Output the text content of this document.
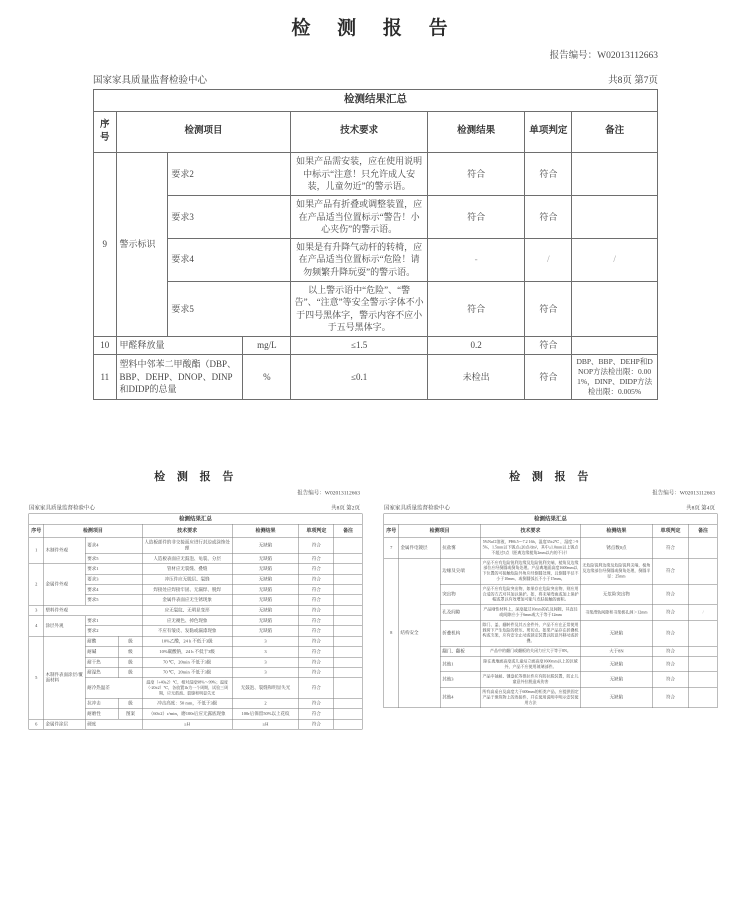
检 测 报 告
报告编号：W02013112663
国家家具质量监督检验中心	共8页 第7页
检测结果汇总							
序号	检测项目			技术要求	检测结果	单项判定	备注
9	警示标识	要求2		如果产品需安装，应在使用说明中标示“注意！只允许成人安装，儿童勿近”的警示语。	符合	符合	
		要求3		如果产品有折叠或调整装置，应在产品适当位置标示“警告！小心夹伤”的警示语。	符合	符合	
		要求4		如果是有升降气动杆的转椅，应在产品适当位置标示“危险！请勿频繁升降玩耍”的警示语。	-	/	/
		要求5		以上警示语中“危险”、“警告”、“注意”等安全警示字体不小于四号黑体字，警示内容不应小于五号黑体字。	符合	符合	
10	甲醛释放量		mg/L	≤1.5	0.2	符合	
11	塑料中邻苯二甲酸酯（DBP、BBP、DEHP、DNOP、DINP和DIDP的总量		%	≤0.1	未检出	符合	DBP、BBP、DEHP和DNOP方法检出限：0.001%，DINP、DIDP方法检出限：0.005%
检 测 报 告
报告编号：W02013112663
国家家具质量监督检验中心	共8页 第2页
检测结果汇总							
序号	检测项目			技术要求	检测结果	单项判定	备注
1	木制件外观	要求4		人造板部件的非交接面应进行封边或涂饰处理	无缺陷	符合	
		要求5		人造板表面应无鼓泡、龟裂、分层	无缺陷	符合	
2	金属件外观	要求1		管材应无裂缝、叠缝	无缺陷	符合	
		要求3		冲压件应无脱层、裂缝	无缺陷	符合	
		要求4		焊接处应焊接牢固、无漏焊、脱焊	无缺陷	符合	
		要求5		金属件表面应无生锈现象	无缺陷	符合	
3	塑料件外观			应无裂纹、无明显变形	无缺陷	符合	
4	涂层外观	要求1		应无褪色、掉色现象	无缺陷	符合	
		要求2		不应有皱皮、发黏或漏漆现象	无缺陷	符合	
5	木制件表面涂层/覆面材料	耐酸	级	10%乙酸，24 h 不低于3级	3	符合	
		耐碱	级	10%碳酸钠，24 h 不低于3级	3	符合	
		耐干热	级	70 ℃，20min 不低于3级	3	符合	
		耐湿热	级	70 ℃，20min 不低于3级	3	符合	
		耐冷热温差		温度（+40±2）℃，相对湿度98%～99%；温度（-20±2）℃，各放置1h为一个周期，试验三周期，应无鼓泡、裂缝和明显失光	无鼓泡、裂缝和明显失光	符合	
		抗冲击	级	冲击高度：50 mm，不低于3级	2	符合	
		耐磨性	图案	（60±2）r/min，磨100r后应无露底现象	100r后保留50%以上花纹	符合	
6	金属件涂层	硬度		≥H	≥H	符合	
检 测 报 告
报告编号：W02013112663
国家家具质量监督检验中心	共8页 第4页
检测结果汇总						
序号	检测项目		技术要求	检测结果	单项判定	备注
7	金属件电镀层	抗盐雾	5%NaCl溶液，PH6.5～7.2 16h，温度35±2℃ ，湿度＞95%，1.5mm以下锈点≤20点/dm²，其中≥1.0mm以上锈点不超过5点（距离边缘棱角2mm以内的不计）	锈点数0点	符合	
8	结构安全	边缘及尖端	产品不应有危险锐利边缘及危险锐利尖端，棱角及边缘部位应经倒圆或倒角处理。产品离地面高度1600mm以下位置的可接触危险外角应经倒圆处理，且倒圆半径不小于10mm，或倒圆弧长不小于15mm。	无危险锐利边缘及危险锐利尖端，棱角及边缘部位经倒圆或倒角处理，倒圆半径：25mm	符合	
		突出物	产品不应有危险突出物，如果存在危险突出物，则应用合适的方式对其加以保护。如，将末端弯曲或加上保护帽或罩以有效增加可能与皮肤接触的面积。	无危险突出物	符合	
		孔及间隙	产品刚性材料上，深度超过10mm的孔及间隙，其直径或间隙应小于6mm或大于等于12mm	书架滑轨间隙和书架板孔洞＞12mm	符合	/
		折叠机构	除门、盖、翻转件及其五金件外，产品不应在正常使用载荷下产生危险的挤压、剪切点。如果产品存在折叠机构或支架，应有安全止动或锁定装置以防意外移动或折叠。	无缺陷	符合	
		翻门、翻板	产品中的翻门或翻板的关闭力应大于等于8N。	大于8N	符合	
		其他1	除在离地面高度或儿童站立面高度1600mm以上的区域外，产品不应使用玻璃部件。	无缺陷	符合	
		其他3	产品中抽屉、键盘托等推拉件应有防拉脱装置，防止儿童意外拉脱造成伤害	无缺陷	符合	
		其他4	所有高桌台及高度大于600mm的柜类产品，应提供固定产品于建筑物上的连接件，并在使用说明中明示安装使用方法	无缺陷	符合	
